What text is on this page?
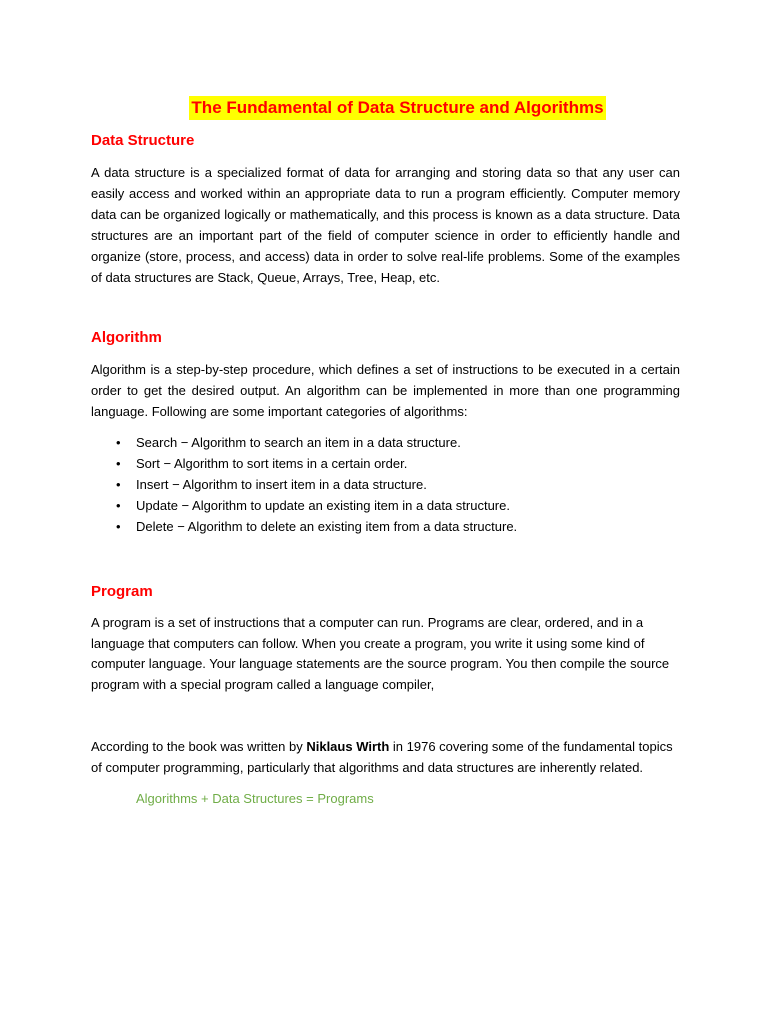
The Fundamental of Data Structure and Algorithms
Data Structure

A data structure is a specialized format of data for arranging and storing data so that any user can easily access and worked within an appropriate data to run a program efficiently. Computer memory data can be organized logically or mathematically, and this process is known as a data structure. Data structures are an important part of the field of computer science in order to efficiently handle and organize (store, process, and access) data in order to solve real-life problems. Some of the examples of data structures are Stack, Queue, Arrays, Tree, Heap, etc.

Algorithm

Algorithm is a step-by-step procedure, which defines a set of instructions to be executed in a certain order to get the desired output. An algorithm can be implemented in more than one programming language. Following are some important categories of algorithms:

• Search − Algorithm to search an item in a data structure.
• Sort − Algorithm to sort items in a certain order.
• Insert − Algorithm to insert item in a data structure.
• Update − Algorithm to update an existing item in a data structure.
• Delete − Algorithm to delete an existing item from a data structure.
Program

A program is a set of instructions that a computer can run. Programs are clear, ordered, and in a language that computers can follow. When you create a program, you write it using some kind of computer language. Your language statements are the source program. You then compile the source program with a special program called a language compiler,

According to the book was written by Niklaus Wirth in 1976 covering some of the fundamental topics of computer programming, particularly that algorithms and data structures are inherently related.

Algorithms + Data Structures = Programs
